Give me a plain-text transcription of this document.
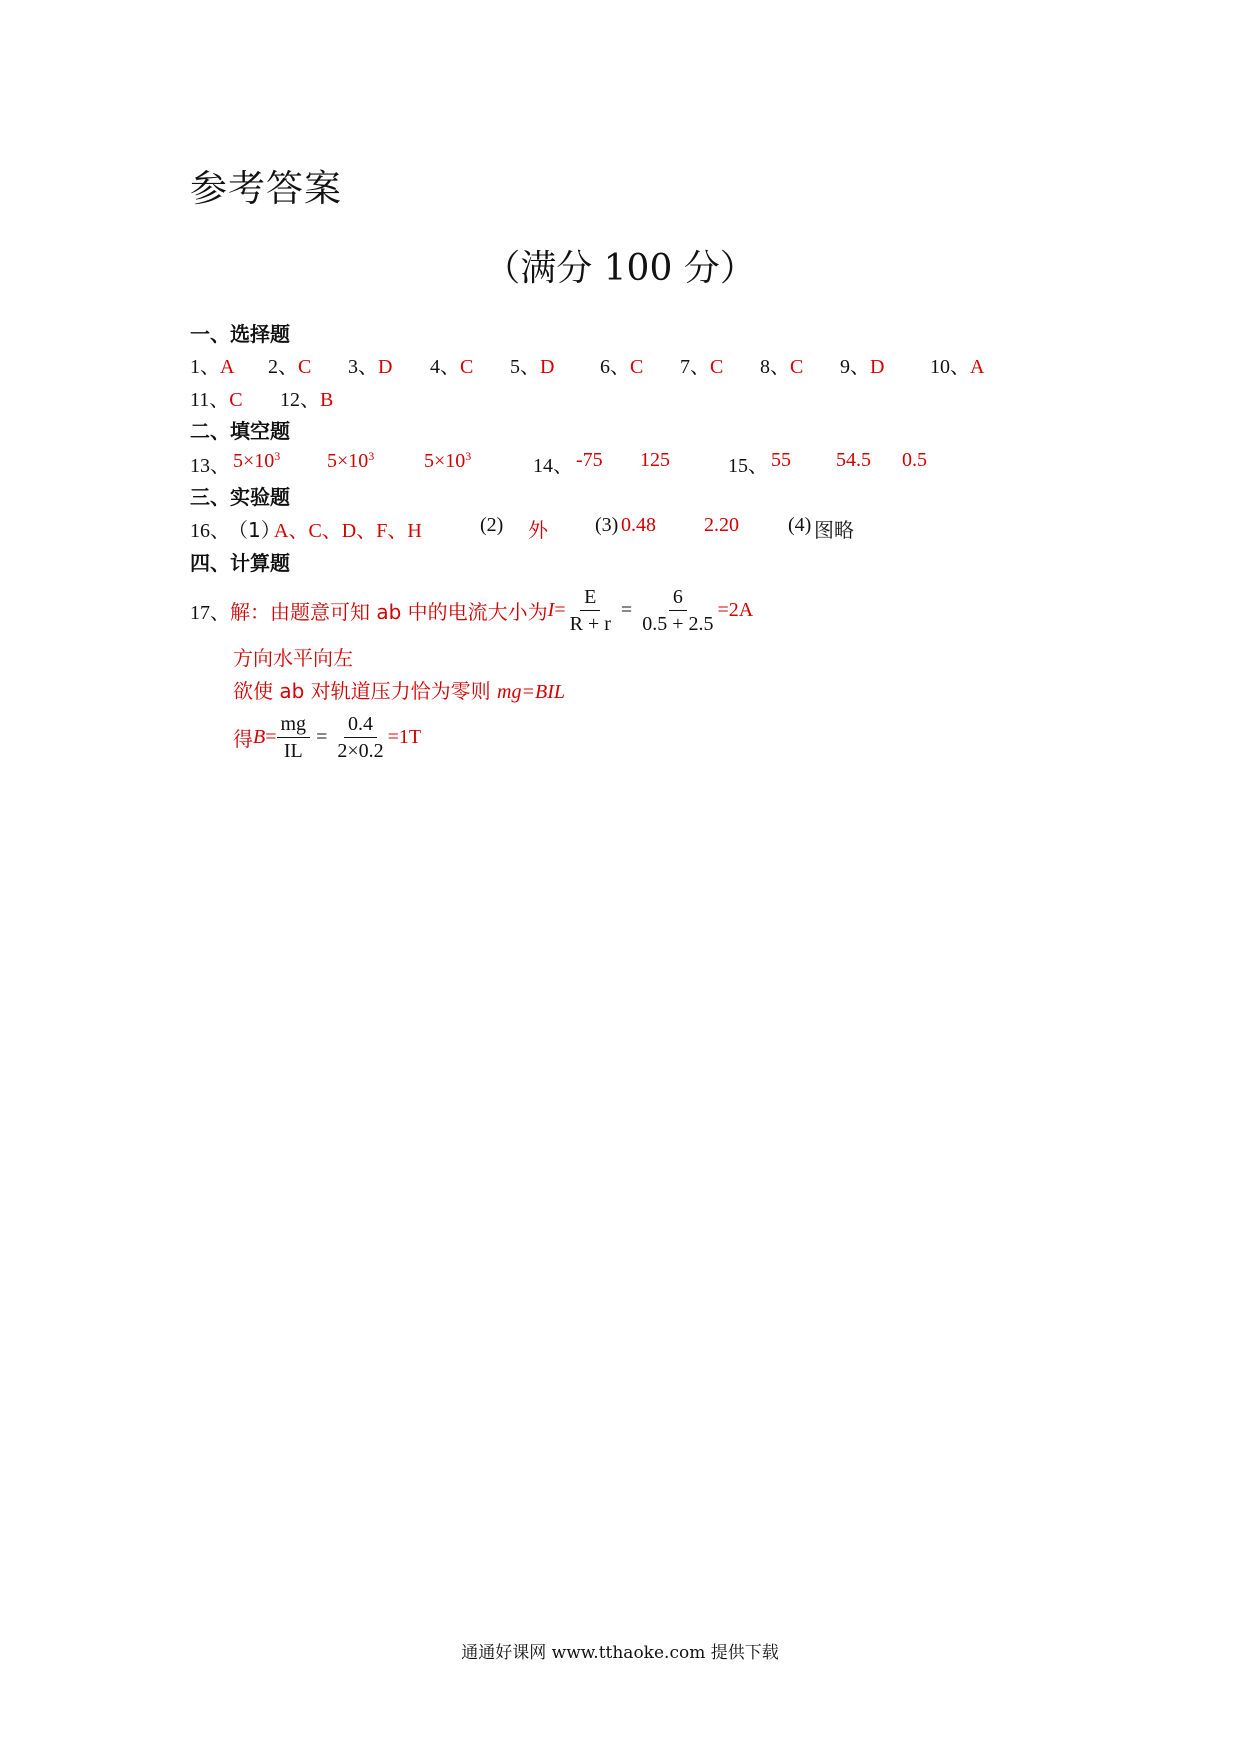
参考答案
（满分 100 分）
一、选择题
1、A 2、C 3、D 4、C 5、D 6、C 7、C 8、C 9、D 10、A
11、C 12、B
二、填空题
13、 $5\times 10^3$ $5\times 10^3$ $5\times 10^3$	14、 -75 125	15、 55 54.5 0.5
三、实验题
16、
（1）
A、C、D、F、H	(2) 外 (3) 0.48 2.20 (4) 图略
四、计算题
17、 解：由题意可知 ab 中的电流大小为 $I= \frac{E}{R + r} = \frac{6}{0.5 + 2.5} =2A$
方向水平向左
欲使 ab 对轨道压力恰为零则 mg=BIL
得 $B= \frac{mg}{IL} = \frac{0.4}{2\times 0.2} =1T$
通通好课网 www.tthaoke.com 提供下载
